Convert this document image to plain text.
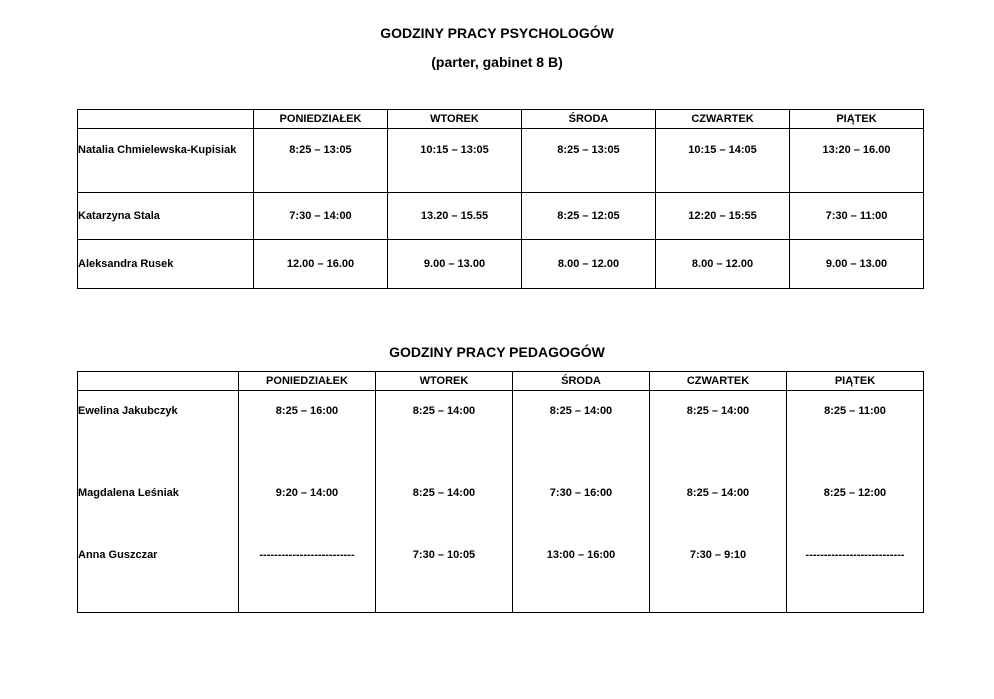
GODZINY PRACY PSYCHOLOGÓW
(parter, gabinet 8 B)
	PONIEDZIAŁEK	WTOREK	ŚRODA	CZWARTEK	PIĄTEK
Natalia Chmielewska-Kupisiak	8:25 – 13:05	10:15 – 13:05	8:25 – 13:05	10:15 – 14:05	13:20 – 16.00
Katarzyna Stala	7:30 – 14:00	13.20 – 15.55	8:25 – 12:05	12:20 – 15:55	7:30 – 11:00
Aleksandra Rusek	12.00 – 16.00	9.00 – 13.00	8.00 – 12.00	8.00 – 12.00	9.00 – 13.00
GODZINY PRACY PEDAGOGÓW
	PONIEDZIAŁEK	WTOREK	ŚRODA	CZWARTEK	PIĄTEK
Ewelina Jakubczyk	8:25 – 16:00	8:25 – 14:00	8:25 – 14:00	8:25 – 14:00	8:25 – 11:00
Magdalena Leśniak	9:20 – 14:00	8:25 – 14:00	7:30 – 16:00	8:25 – 14:00	8:25 – 12:00
Anna Guszczar	--------------------------	7:30 – 10:05	13:00 – 16:00	7:30 – 9:10	---------------------------
